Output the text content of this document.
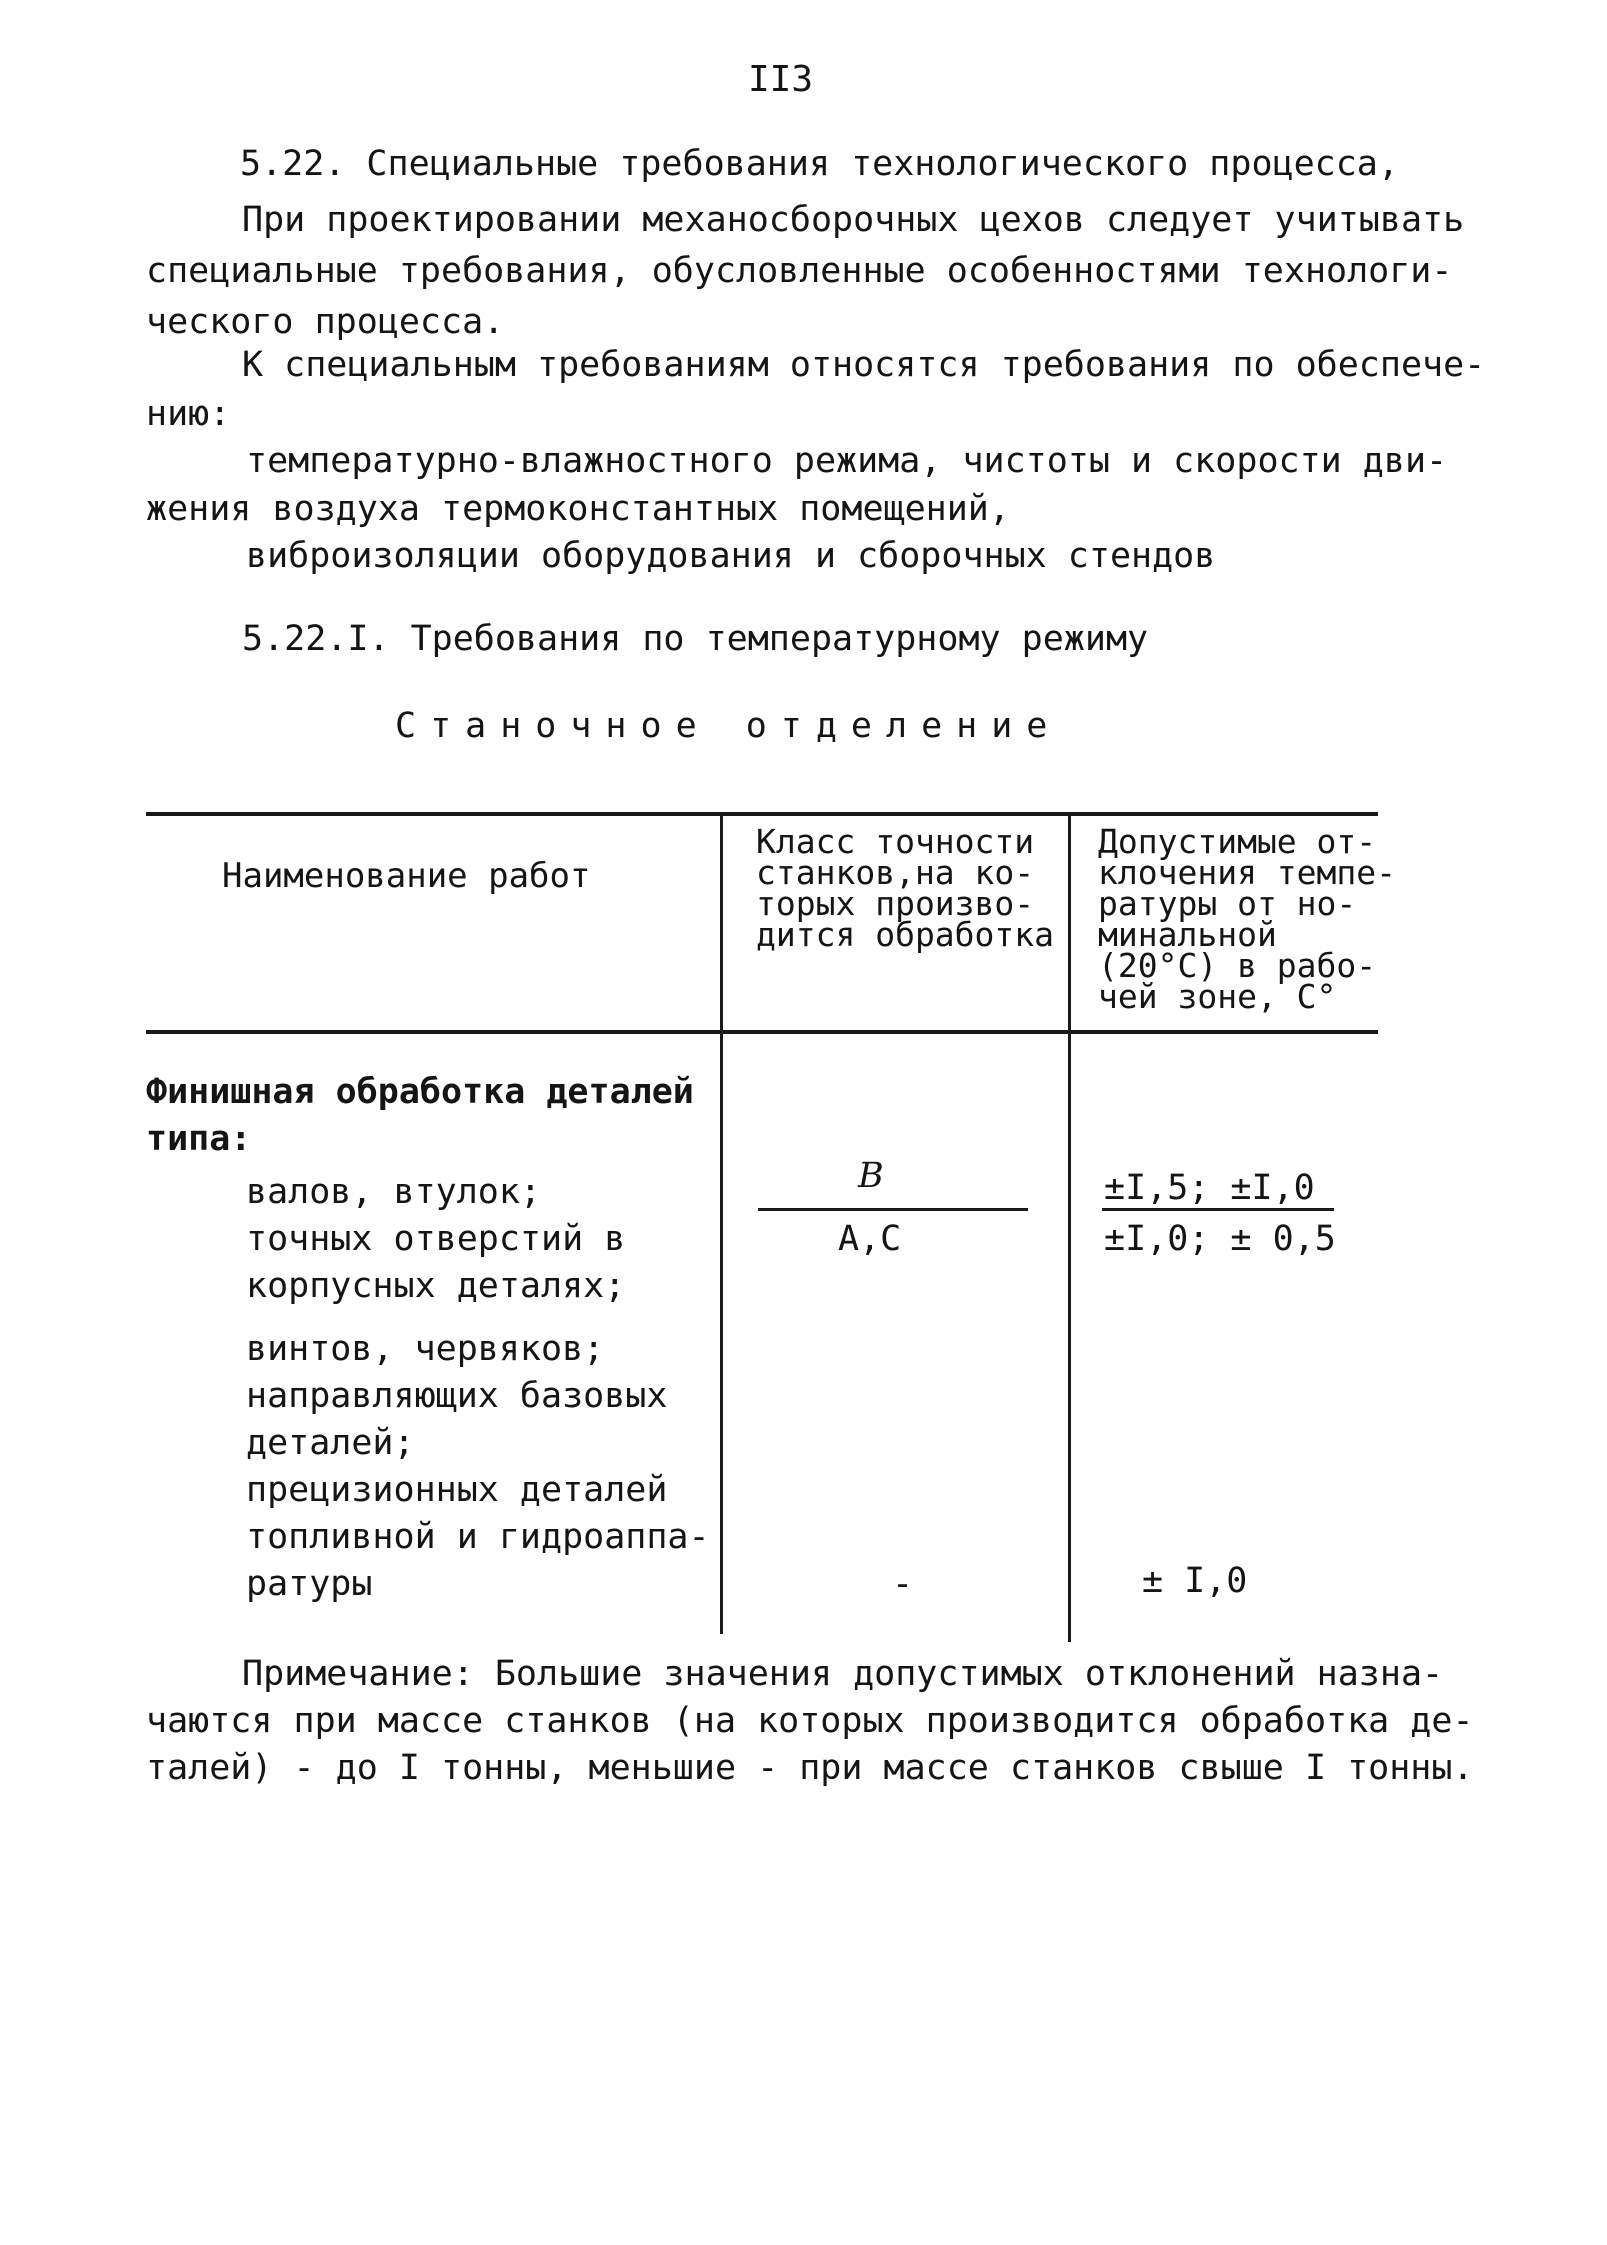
II3
5.22. Специальные требования технологического процесса,
При проектировании механосборочных цехов следует учитывать
специальные требования, обусловленные особенностями технологи-
ческого процесса.
К специальным требованиям относятся требования по обеспече-
нию:
температурно-влажностного режима, чистоты и скорости дви-
жения воздуха термоконстантных помещений,
виброизоляции оборудования и сборочных стендов
5.22.I. Требования по температурному режиму
Станочное отделение
Наименование работ
Класс точности
станков,на ко-
торых произво-
дится обработка
Допустимые от-
клочения темпе-
ратуры от но-
минальной
(20°С) в рабо-
чей зоне, С°
Финишная обработка деталей
типа:
валов, втулок;
точных отверстий в
корпусных деталях;
винтов, червяков;
направляющих базовых
деталей;
прецизионных деталей
топливной и гидроаппа-
ратуры
В
А,С
-
±I,5; ±I,0
±I,0; ± 0,5
± I,0
Примечание: Большие значения допустимых отклонений назна-
чаются при массе станков (на которых производится обработка де-
талей) - до I тонны, меньшие - при массе станков свыше I тонны.
